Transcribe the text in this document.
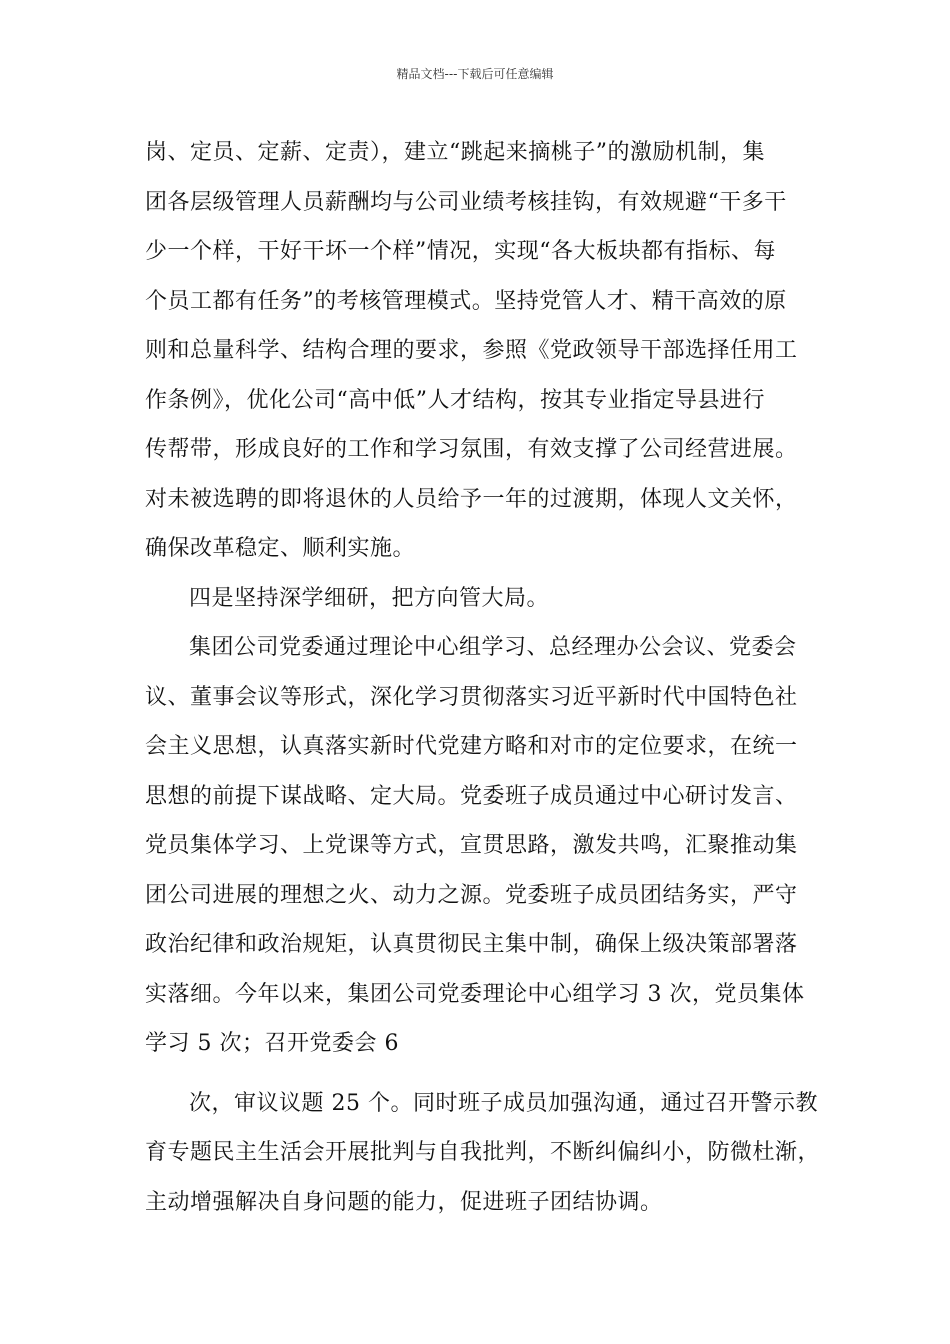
精品文档---下载后可任意编辑
岗、定员、定薪、定责），建立“跳起来摘桃子”的激励机制，集
团各层级管理人员薪酬均与公司业绩考核挂钩，有效规避“干多干
少一个样，干好干坏一个样”情况，实现“各大板块都有指标、每
个员工都有任务”的考核管理模式。坚持党管人才、精干高效的原
则和总量科学、结构合理的要求，参照《党政领导干部选择任用工
作条例》，优化公司“高中低”人才结构，按其专业指定导县进行
传帮带，形成良好的工作和学习氛围，有效支撑了公司经营进展。
对未被选聘的即将退休的人员给予一年的过渡期，体现人文关怀，
确保改革稳定、顺利实施。
四是坚持深学细研，把方向管大局。
集团公司党委通过理论中心组学习、总经理办公会议、党委会
议、董事会议等形式，深化学习贯彻落实习近平新时代中国特色社
会主义思想，认真落实新时代党建方略和对市的定位要求，在统一
思想的前提下谋战略、定大局。党委班子成员通过中心研讨发言、
党员集体学习、上党课等方式，宣贯思路，激发共鸣，汇聚推动集
团公司进展的理想之火、动力之源。党委班子成员团结务实，严守
政治纪律和政治规矩，认真贯彻民主集中制，确保上级决策部署落
实落细。今年以来，集团公司党委理论中心组学习 3 次，党员集体
学习 5 次；召开党委会 6
次，审议议题 25 个。同时班子成员加强沟通，通过召开警示教
育专题民主生活会开展批判与自我批判，不断纠偏纠小，防微杜渐，
主动增强解决自身问题的能力，促进班子团结协调。
